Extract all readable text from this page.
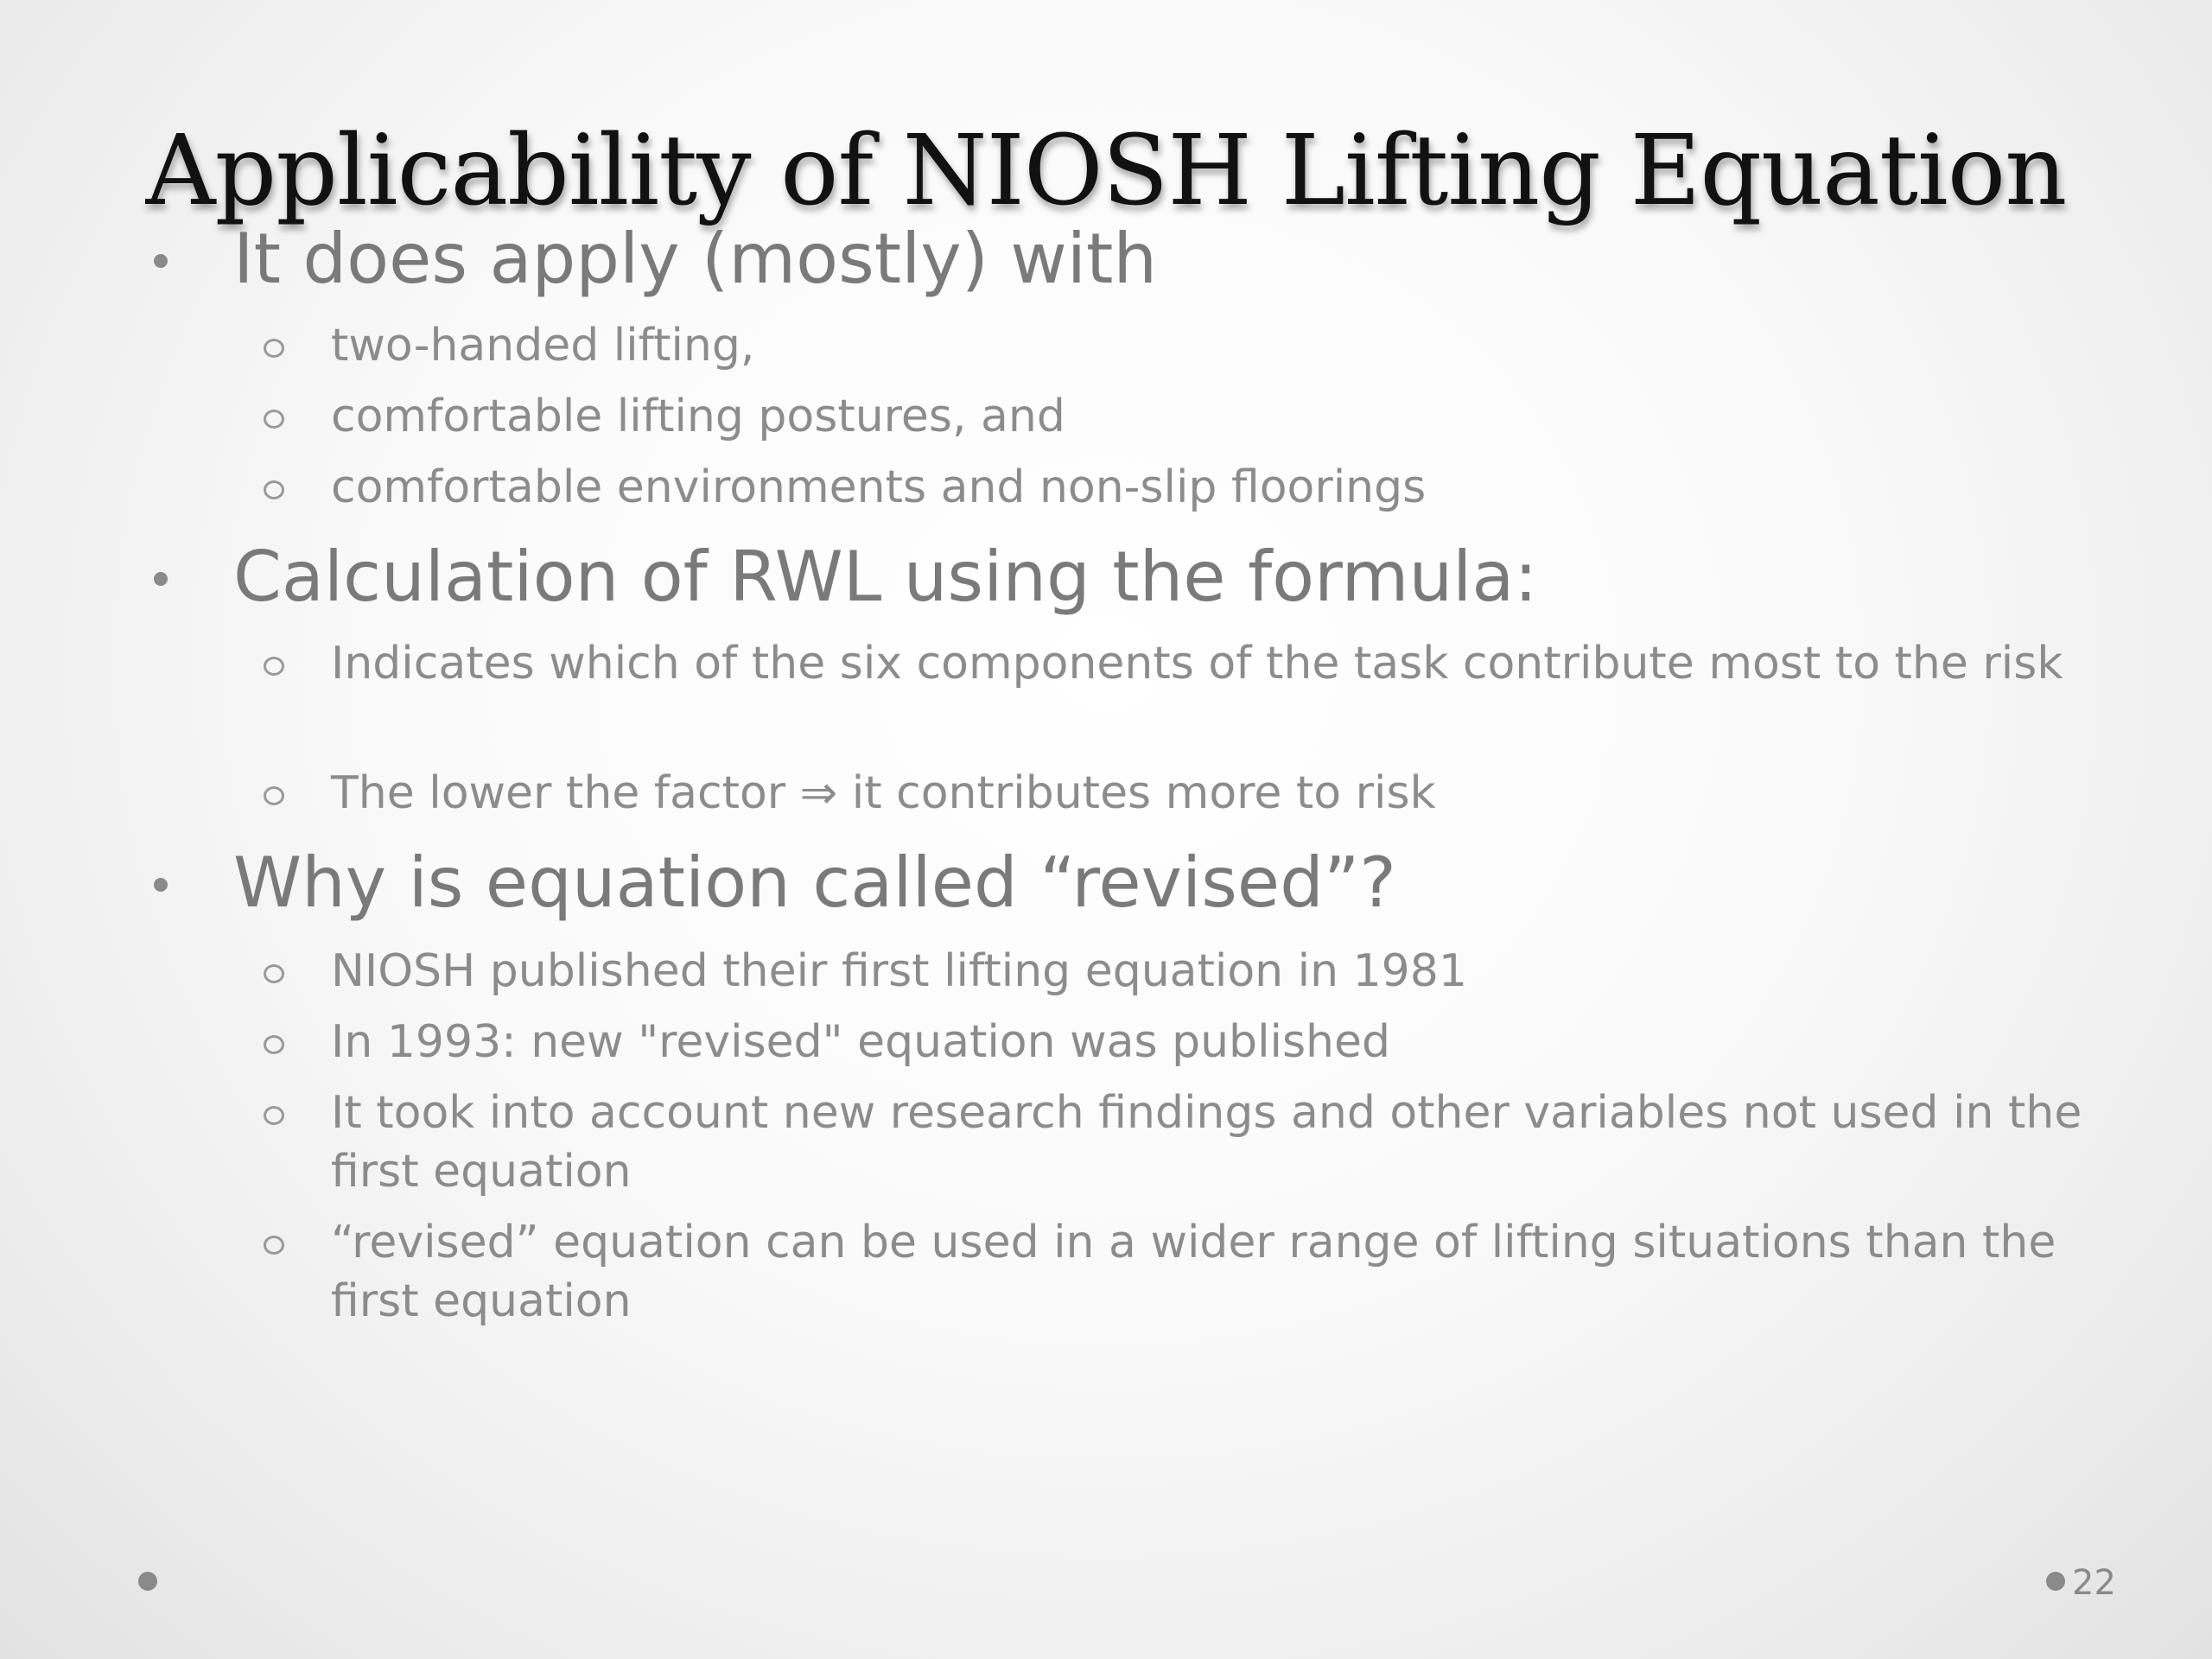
Applicability of NIOSH Lifting Equation
It does apply (mostly) with
two-handed lifting,
comfortable lifting postures, and
comfortable environments and non-slip floorings
Calculation of RWL using the formula:
Indicates which of the six components of the task contribute most to the risk
The lower the factor ⇒ it contributes more to risk
Why is equation called “revised”?
NIOSH published their first lifting equation in 1981
In 1993: new "revised" equation was published
It took into account new research findings and other variables not used in the first equation
“revised” equation can be used in a wider range of lifting situations than the first equation
22
